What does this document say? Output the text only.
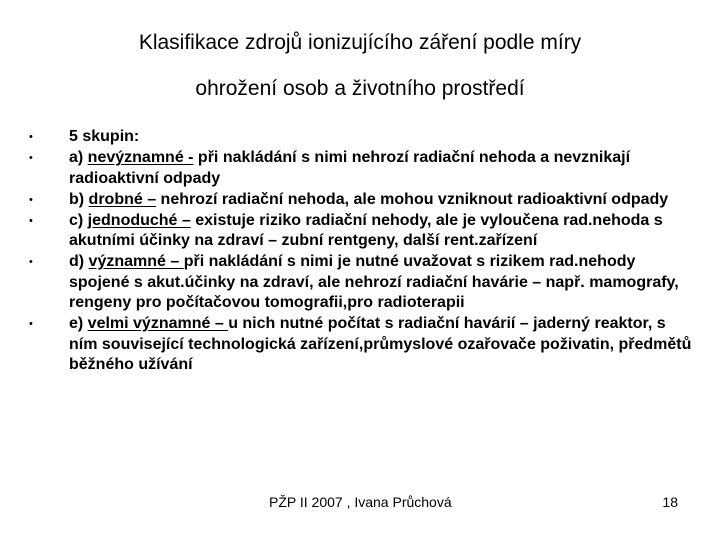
Klasifikace zdrojů ionizujícího záření podle míry
ohrožení osob a životního prostředí
• 5 skupin:
• a) nevýznamné - při nakládání s nimi nehrozí radiační nehoda a nevznikají radioaktivní odpady
• b) drobné – nehrozí radiační nehoda, ale mohou vzniknout radioaktivní odpady
• c) jednoduché – existuje riziko radiační nehody, ale je vyloučena rad.nehoda s akutními účinky na zdraví – zubní rentgeny, další rent.zařízení
• d) významné – při nakládání s nimi je nutné uvažovat s rizikem rad.nehody spojené s akut.účinky na zdraví, ale nehrozí radiační havárie – např. mamografy, rengeny pro počítačovou tomografii,pro radioterapii
• e) velmi významné – u nich nutné počítat s radiační havárií – jaderný reaktor, s ním související technologická zařízení,průmyslové ozařovače poživatin, předmětů běžného užívání
PŽP II 2007 , Ivana Průchová	18
